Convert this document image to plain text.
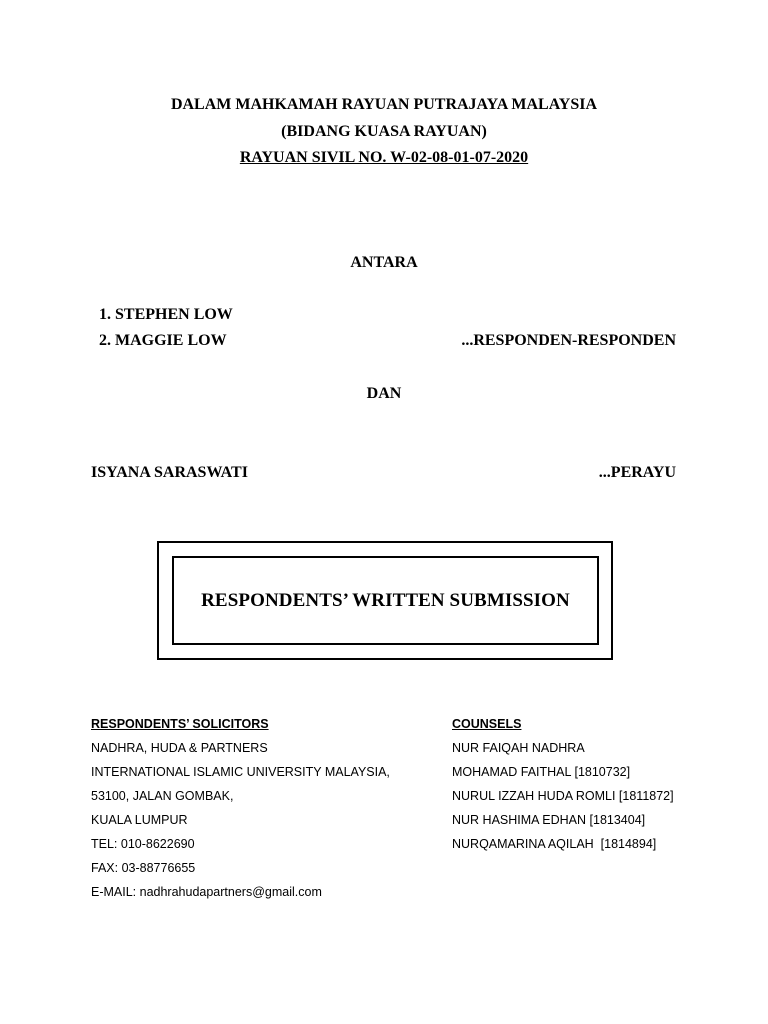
DALAM MAHKAMAH RAYUAN PUTRAJAYA MALAYSIA
(BIDANG KUASA RAYUAN)
RAYUAN SIVIL NO. W-02-08-01-07-2020
ANTARA
1. STEPHEN LOW
2. MAGGIE LOW	...RESPONDEN-RESPONDEN
DAN
ISYANA SARASWATI	...PERAYU
RESPONDENTS’ WRITTEN SUBMISSION
RESPONDENTS’ SOLICITORS
NADHRA, HUDA & PARTNERS
INTERNATIONAL ISLAMIC UNIVERSITY MALAYSIA,
53100, JALAN GOMBAK,
KUALA LUMPUR
TEL: 010-8622690
FAX: 03-88776655
E-MAIL: nadhrahudapartners@gmail.com
COUNSELS
NUR FAIQAH NADHRA
MOHAMAD FAITHAL [1810732]
NURUL IZZAH HUDA ROMLI [1811872]
NUR HASHIMA EDHAN [1813404]
NURQAMARINA AQILAH  [1814894]
